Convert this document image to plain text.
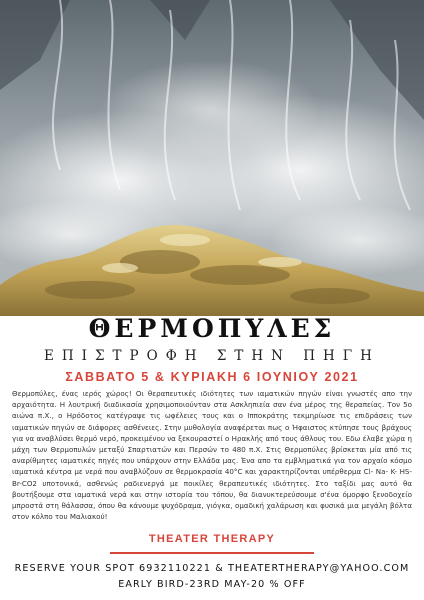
ΘΕΡΜΟΠΥΛΕΣ
ΕΠΙΣΤΡΟΦΗ ΣΤΗΝ ΠΗΓΗ
ΣΑΒΒΑΤΟ 5 & ΚΥΡΙΑΚΗ 6 ΙΟΥΝΙΟΥ 2021
Θερμοπύλες, ένας ιερός χώρος! Οι θεραπευτικές ιδιότητες των ιαματικών πηγών είναι γνωστές απο την αρχαιότητα. Η λουτρική διαδικασία χρησιμοποιούνταν στα Ασκληπιεία σαν ένα μέρος της θεραπείας. Τον 5ο αιώνα π.Χ., ο Ηρόδοτος κατέγραψε τις ωφέλειες τους και ο Ιπποκράτης τεκμηρίωσε τις επιδράσεις των ιαματικών πηγών σε διάφορες ασθένειες. Στην μυθολογία αναφέρεται πως ο Ήφαιστος κτύπησε τους βράχους για να αναβλύσει θερμό νερό, προκειμένου να ξεκουραστεί ο Ηρακλής από τους άθλους του. Εδω έλαβε χώρα η μάχη των Θερμοπυλών μεταξύ Σπαρτιατών και Περσών το 480 π.Χ. Στις Θερμοπύλες βρίσκεται μία από τις αναρίθμητες ιαματικές πηγές που υπάρχουν στην Ελλάδα μας. Ένα απο τα εμβληματικά για τον αρχαίο κόσμο ιαματικά κέντρα με νερά που αναβλύζουν σε θερμοκρασία 40°C και χαρακτηρίζονται υπέρθερμα Cl- Na- K- HS-Br-CO2 υποτονικά, ασθενώς ραδιενεργά με ποικίλες θεραπευτικές ιδιότητες. Στο ταξίδι μας αυτό θα βουτήξουμε στα ιαματικά νερά και στην ιστορία του τόπου, θα διανυκτερεύσουμε σ'ένα όμορφο ξενοδοχείο μπροστά στη θάλασσα, όπου θα κάνουμε ψυχόδραμα, γιόγκα, ομαδική χαλάρωση και φυσικά μια μεγάλη βόλτα στον κόλπο του Μαλιακού!
THEATER THERAPY
RESERVE YOUR SPOT 6932110221 & THEATERTHERAPY@YAHOO.COM
EARLY BIRD-23RD MAY-20 % OFF
